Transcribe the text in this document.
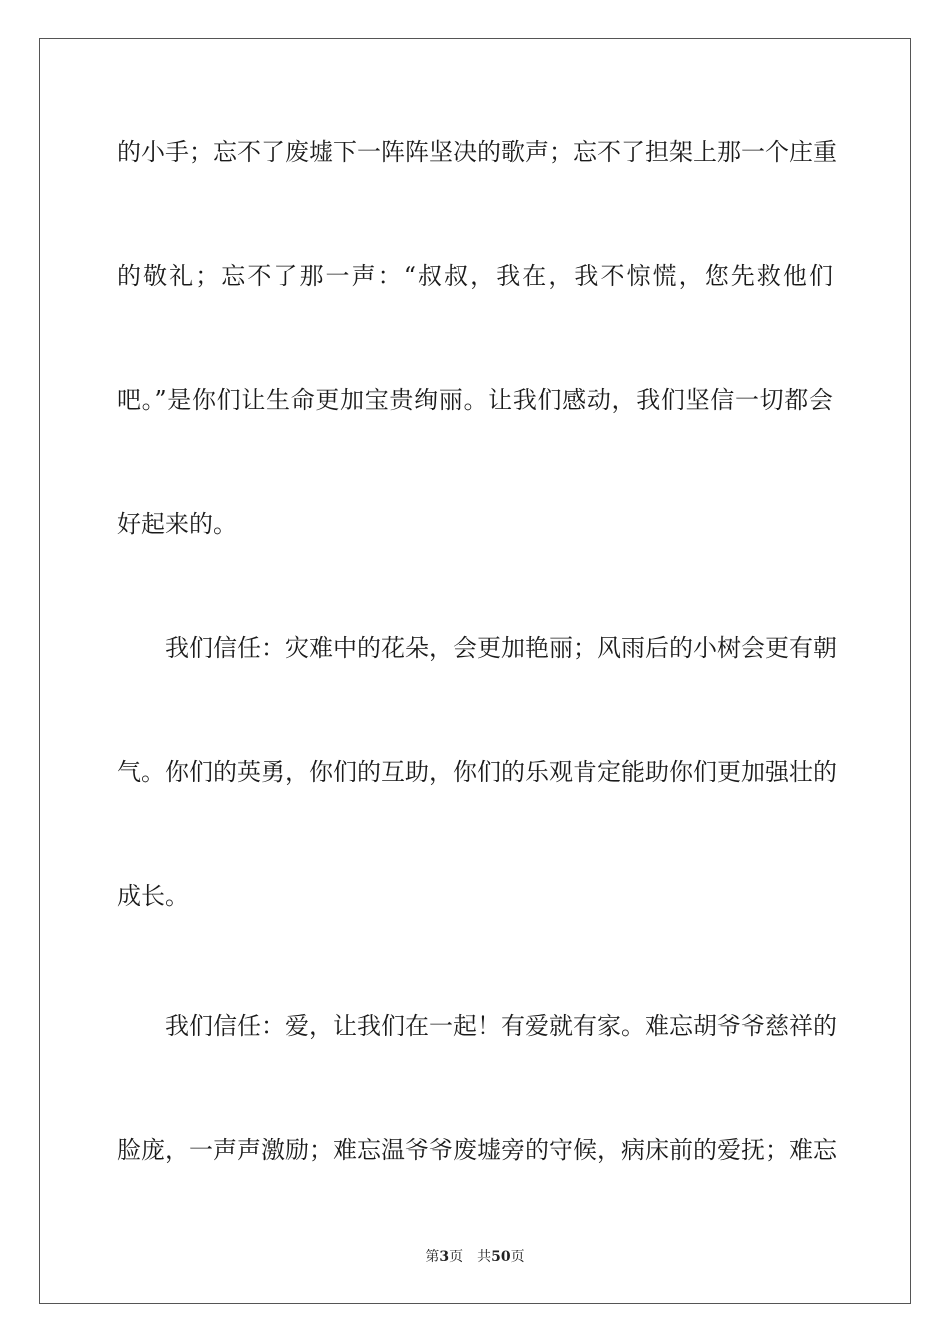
的小手；忘不了废墟下一阵阵坚决的歌声；忘不了担架上那一个庄重
的敬礼；忘不了那一声：“叔叔，我在，我不惊慌，您先救他们
吧。”是你们让生命更加宝贵绚丽。让我们感动，我们坚信一切都会
好起来的。
　　我们信任：灾难中的花朵，会更加艳丽；风雨后的小树会更有朝
气。你们的英勇，你们的互助，你们的乐观肯定能助你们更加强壮的
成长。
　　我们信任：爱，让我们在一起！有爱就有家。难忘胡爷爷慈祥的
脸庞，一声声激励；难忘温爷爷废墟旁的守候，病床前的爱抚；难忘
第3页 共50页
